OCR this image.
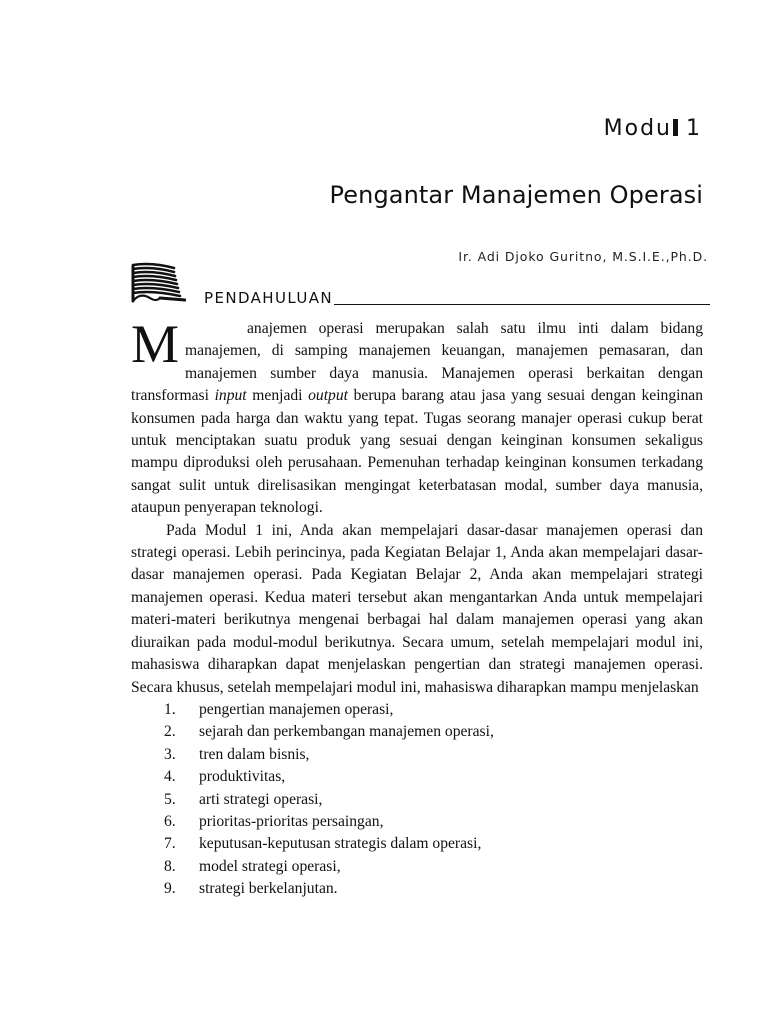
Modu 1
Pengantar Manajemen Operasi
Ir. Adi Djoko Guritno, M.S.I.E.,Ph.D.
PENDAHULUAN

M	anajemen operasi merupakan salah satu ilmu inti dalam bidang manajemen, di samping manajemen keuangan, manajemen pemasaran, dan manajemen sumber daya manusia. Manajemen operasi berkaitan dengan transformasi input menjadi output berupa barang atau jasa yang sesuai dengan keinginan konsumen pada harga dan waktu yang tepat. Tugas seorang manajer operasi cukup berat untuk menciptakan suatu produk yang sesuai dengan keinginan konsumen sekaligus mampu diproduksi oleh perusahaan. Pemenuhan terhadap keinginan konsumen terkadang sangat sulit untuk direlisasikan mengingat keterbatasan modal, sumber daya manusia, ataupun penyerapan teknologi.

Pada Modul 1 ini, Anda akan mempelajari dasar-dasar manajemen operasi dan strategi operasi. Lebih perincinya, pada Kegiatan Belajar 1, Anda akan mempelajari dasar-dasar manajemen operasi. Pada Kegiatan Belajar 2, Anda akan mempelajari strategi manajemen operasi. Kedua materi tersebut akan mengantarkan Anda untuk mempelajari materi-materi berikutnya mengenai berbagai hal dalam manajemen operasi yang akan diuraikan pada modul-modul berikutnya. Secara umum, setelah mempelajari modul ini, mahasiswa diharapkan dapat menjelaskan pengertian dan strategi manajemen operasi. Secara khusus, setelah mempelajari modul ini, mahasiswa diharapkan mampu menjelaskan

1. pengertian manajemen operasi,
2. sejarah dan perkembangan manajemen operasi,
3. tren dalam bisnis,
4. produktivitas,
5. arti strategi operasi,
6. prioritas-prioritas persaingan,
7. keputusan-keputusan strategis dalam operasi,
8. model strategi operasi,
9. strategi berkelanjutan.
